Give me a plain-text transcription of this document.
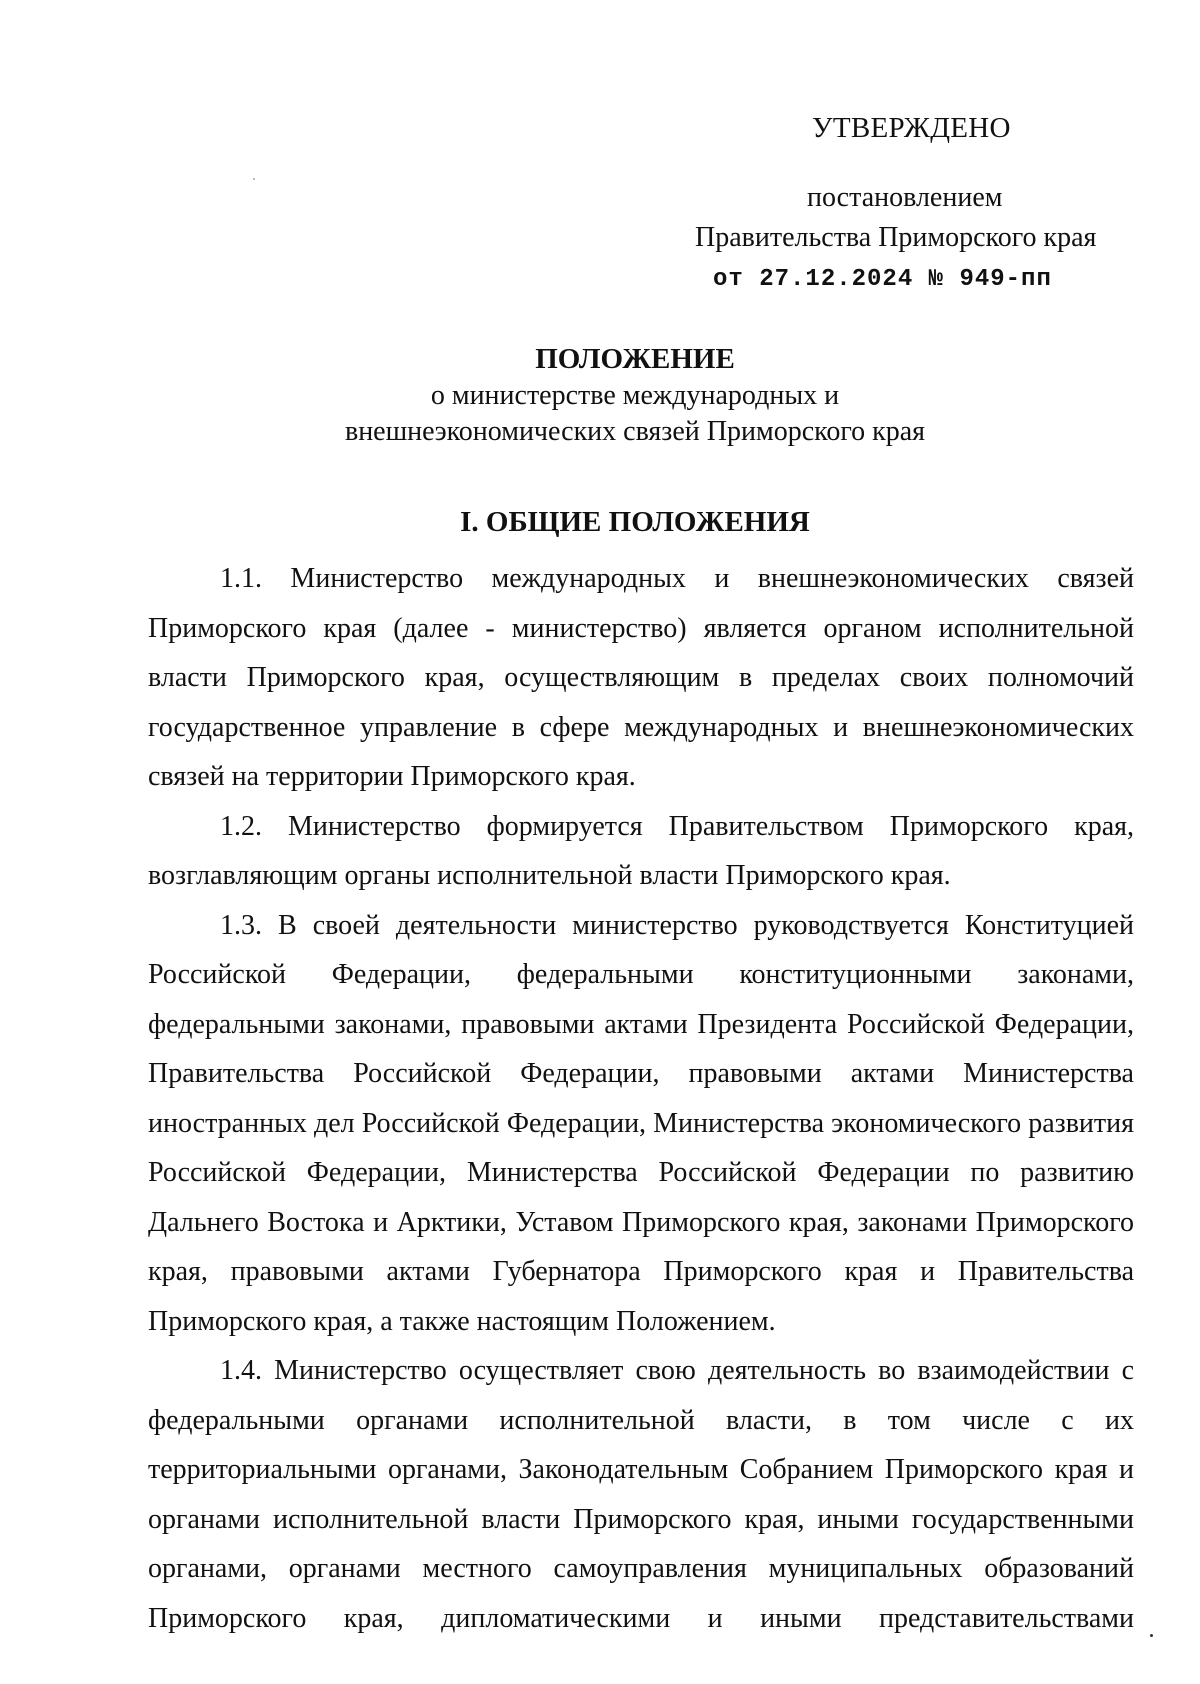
УТВЕРЖДЕНО
постановлением
Правительства Приморского края
от 27.12.2024 № 949-пп
ПОЛОЖЕНИЕ
о министерстве международных и
внешнеэкономических связей Приморского края
I. ОБЩИЕ ПОЛОЖЕНИЯ

1.1. Министерство международных и внешнеэкономических связей Приморского края (далее - министерство) является органом исполнительной власти Приморского края, осуществляющим в пределах своих полномочий государственное управление в сфере международных и внешнеэкономических связей на территории Приморского края.

1.2. Министерство формируется Правительством Приморского края, возглавляющим органы исполнительной власти Приморского края.

1.3. В своей деятельности министерство руководствуется Конституцией Российской Федерации, федеральными конституционными законами, федеральными законами, правовыми актами Президента Российской Федерации, Правительства Российской Федерации, правовыми актами Министерства иностранных дел Российской Федерации, Министерства экономического развития Российской Федерации, Министерства Российской Федерации по развитию Дальнего Востока и Арктики, Уставом Приморского края, законами Приморского края, правовыми актами Губернатора Приморского края и Правительства Приморского края, а также настоящим Положением.

1.4. Министерство осуществляет свою деятельность во взаимодействии с федеральными органами исполнительной власти, в том числе с их территориальными органами, Законодательным Собранием Приморского края и органами исполнительной власти Приморского края, иными государственными органами, органами местного самоуправления муниципальных образований Приморского края, дипломатическими и иными представительствами
